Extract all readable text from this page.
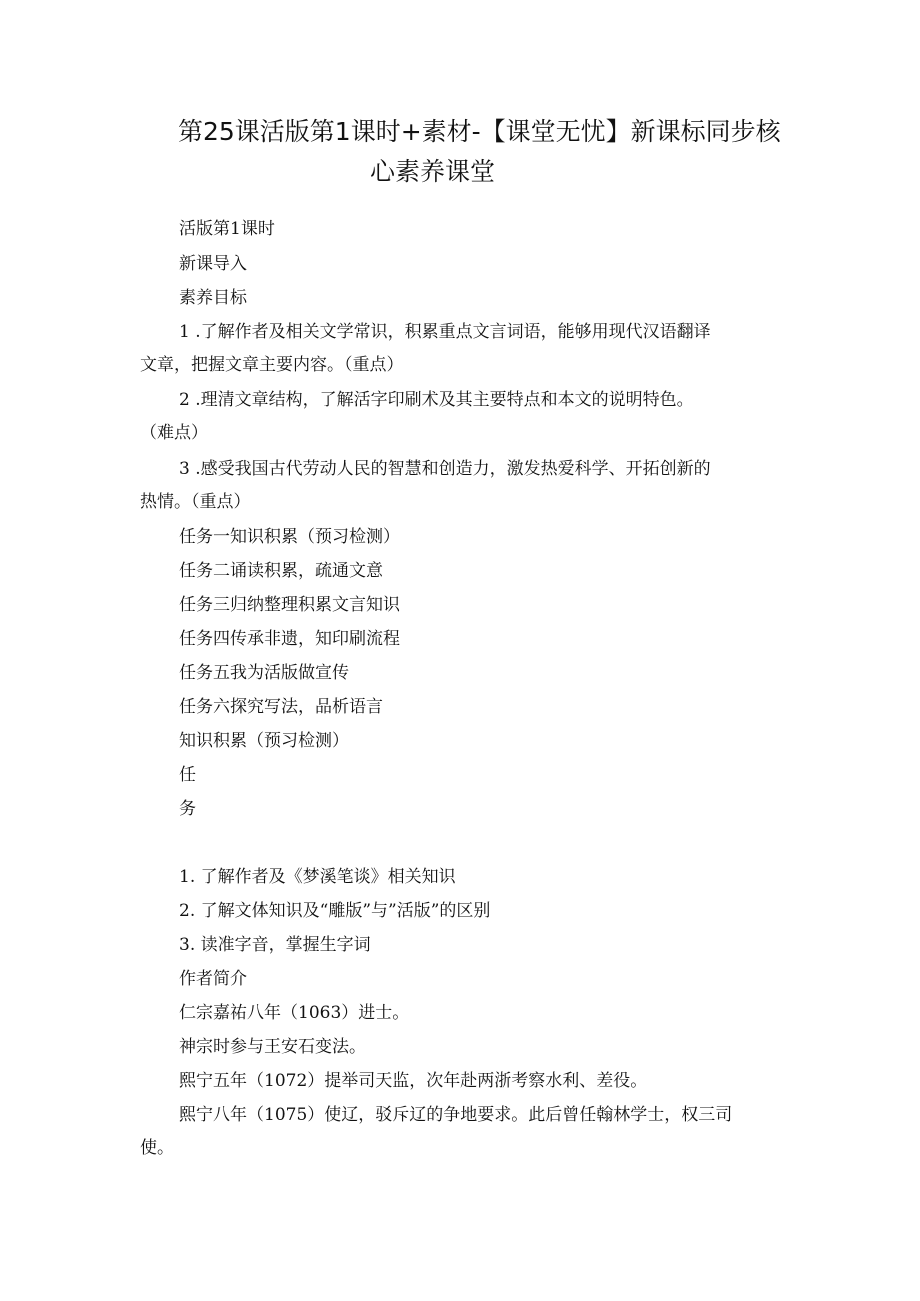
第25课活版第1课时+素材-【课堂无忧】新课标同步核
心素养课堂
活版第1课时
新课导入
素养目标
1 .了解作者及相关文学常识，积累重点文言词语，能够用现代汉语翻译
文章，把握文章主要内容。（重点）
2 .理清文章结构，了解活字印刷术及其主要特点和本文的说明特色。
（难点）
3 .感受我国古代劳动人民的智慧和创造力，激发热爱科学、开拓创新的
热情。（重点）
任务一知识积累（预习检测）
任务二诵读积累，疏通文意
任务三归纳整理积累文言知识
任务四传承非遗，知印刷流程
任务五我为活版做宣传
任务六探究写法，品析语言
知识积累（预习检测）
任
务
1. 了解作者及《梦溪笔谈》相关知识
2. 了解文体知识及“雕版”与”活版”的区别
3. 读准字音，掌握生字词
作者简介
仁宗嘉祐八年（1063）进士。
神宗时参与王安石变法。
熙宁五年（1072）提举司天监，次年赴两浙考察水利、差役。
熙宁八年（1075）使辽，驳斥辽的争地要求。此后曾任翰林学士，权三司
使。
